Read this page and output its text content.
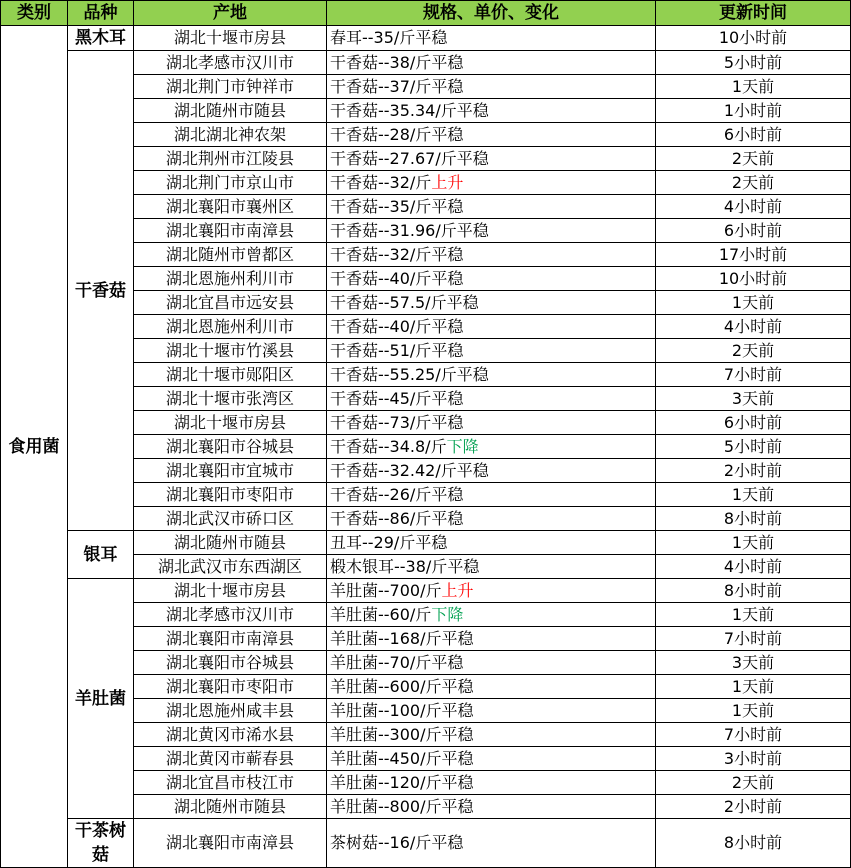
类别	品种	产地	规格、单价、变化	更新时间
食用菌	黑木耳	湖北十堰市房县	春耳--35/斤平稳	10小时前
	干香菇	湖北孝感市汉川市	干香菇--38/斤平稳	5小时前
		湖北荆门市钟祥市	干香菇--37/斤平稳	1天前
		湖北随州市随县	干香菇--35.34/斤平稳	1小时前
		湖北湖北神农架	干香菇--28/斤平稳	6小时前
		湖北荆州市江陵县	干香菇--27.67/斤平稳	2天前
		湖北荆门市京山市	干香菇--32/斤上升	2天前
		湖北襄阳市襄州区	干香菇--35/斤平稳	4小时前
		湖北襄阳市南漳县	干香菇--31.96/斤平稳	6小时前
		湖北随州市曾都区	干香菇--32/斤平稳	17小时前
		湖北恩施州利川市	干香菇--40/斤平稳	10小时前
		湖北宜昌市远安县	干香菇--57.5/斤平稳	1天前
		湖北恩施州利川市	干香菇--40/斤平稳	4小时前
		湖北十堰市竹溪县	干香菇--51/斤平稳	2天前
		湖北十堰市郧阳区	干香菇--55.25/斤平稳	7小时前
		湖北十堰市张湾区	干香菇--45/斤平稳	3天前
		湖北十堰市房县	干香菇--73/斤平稳	6小时前
		湖北襄阳市谷城县	干香菇--34.8/斤下降	5小时前
		湖北襄阳市宜城市	干香菇--32.42/斤平稳	2小时前
		湖北襄阳市枣阳市	干香菇--26/斤平稳	1天前
		湖北武汉市硚口区	干香菇--86/斤平稳	8小时前
	银耳	湖北随州市随县	丑耳--29/斤平稳	1天前
		湖北武汉市东西湖区	椴木银耳--38/斤平稳	4小时前
	羊肚菌	湖北十堰市房县	羊肚菌--700/斤上升	8小时前
		湖北孝感市汉川市	羊肚菌--60/斤下降	1天前
		湖北襄阳市南漳县	羊肚菌--168/斤平稳	7小时前
		湖北襄阳市谷城县	羊肚菌--70/斤平稳	3天前
		湖北襄阳市枣阳市	羊肚菌--600/斤平稳	1天前
		湖北恩施州咸丰县	羊肚菌--100/斤平稳	1天前
		湖北黄冈市浠水县	羊肚菌--300/斤平稳	7小时前
		湖北黄冈市蕲春县	羊肚菌--450/斤平稳	3小时前
		湖北宜昌市枝江市	羊肚菌--120/斤平稳	2天前
		湖北随州市随县	羊肚菌--800/斤平稳	2小时前
	干茶树菇	湖北襄阳市南漳县	茶树菇--16/斤平稳	8小时前
